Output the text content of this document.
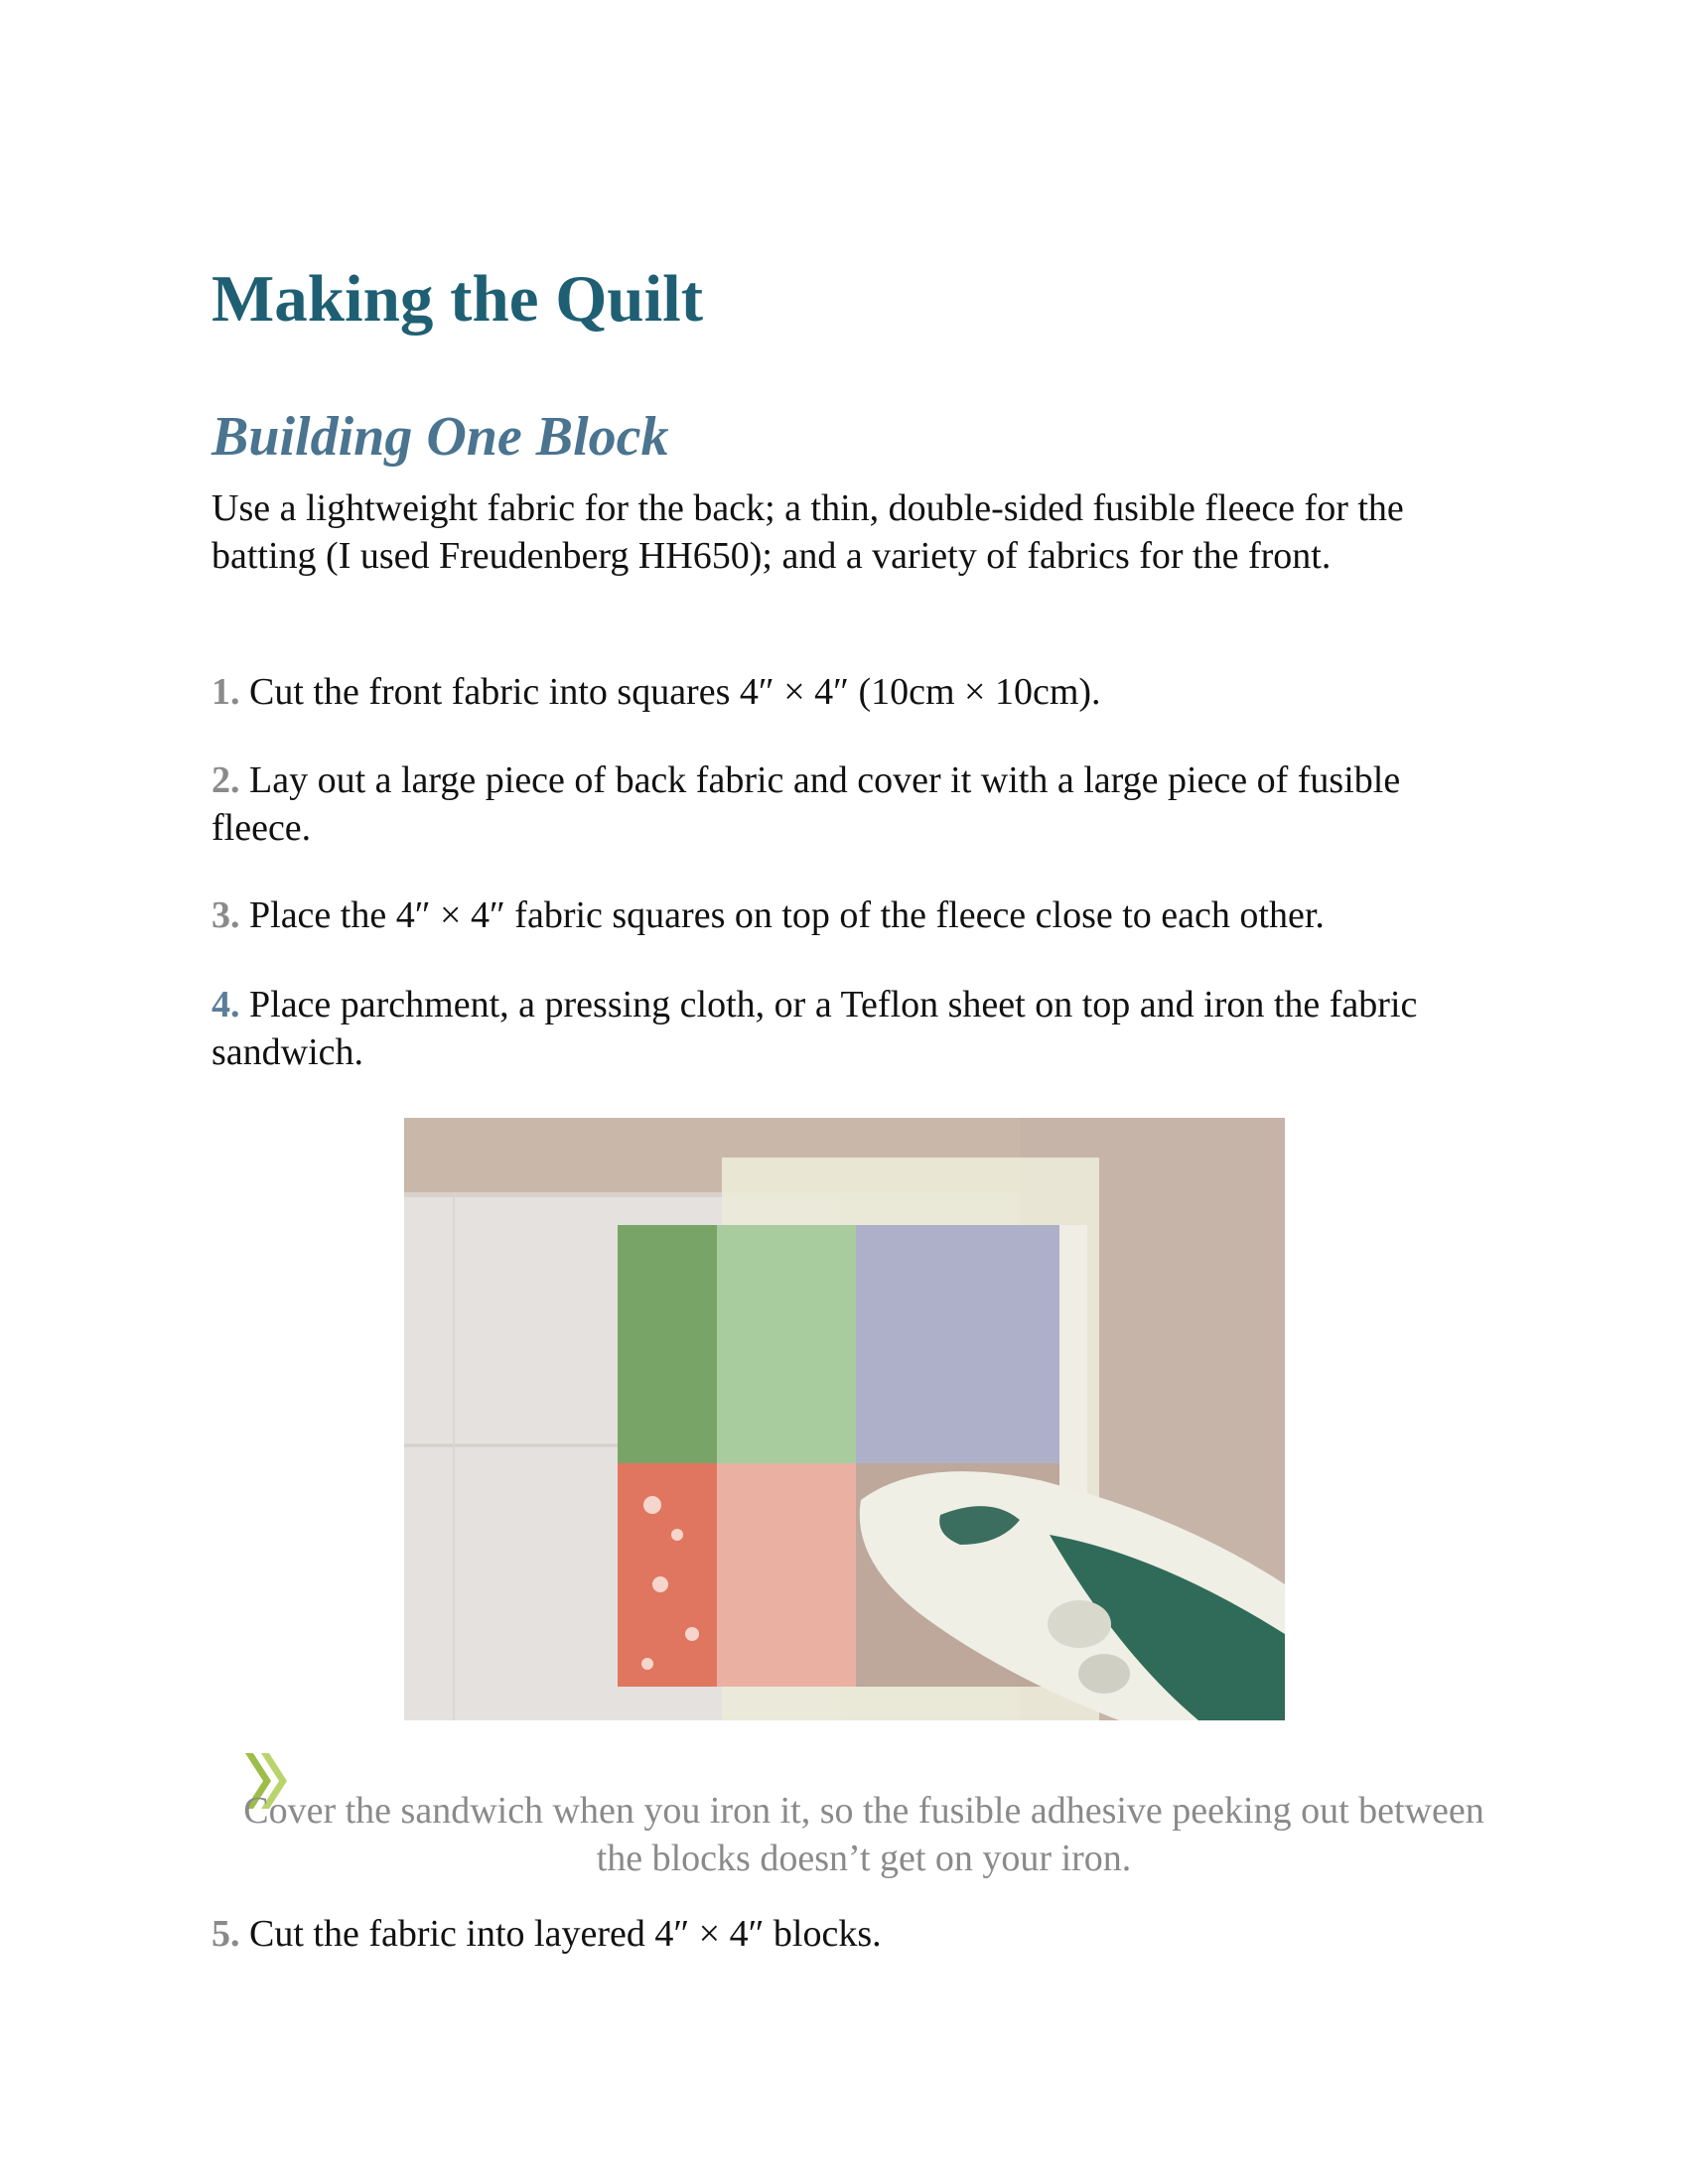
Making the Quilt
Building One Block

Use a lightweight fabric for the back; a thin, double-sided fusible fleece for the batting (I used Freudenberg HH650); and a variety of fabrics for the front.

1. Cut the front fabric into squares 4″ × 4″ (10cm × 10cm).

2. Lay out a large piece of back fabric and cover it with a large piece of fusible fleece.

3. Place the 4″ × 4″ fabric squares on top of the fleece close to each other.

4. Place parchment, a pressing cloth, or a Teflon sheet on top and iron the fabric sandwich.

Cover the sandwich when you iron it, so the fusible adhesive peeking out between the blocks doesn’t get on your iron.

5. Cut the fabric into layered 4″ × 4″ blocks.
